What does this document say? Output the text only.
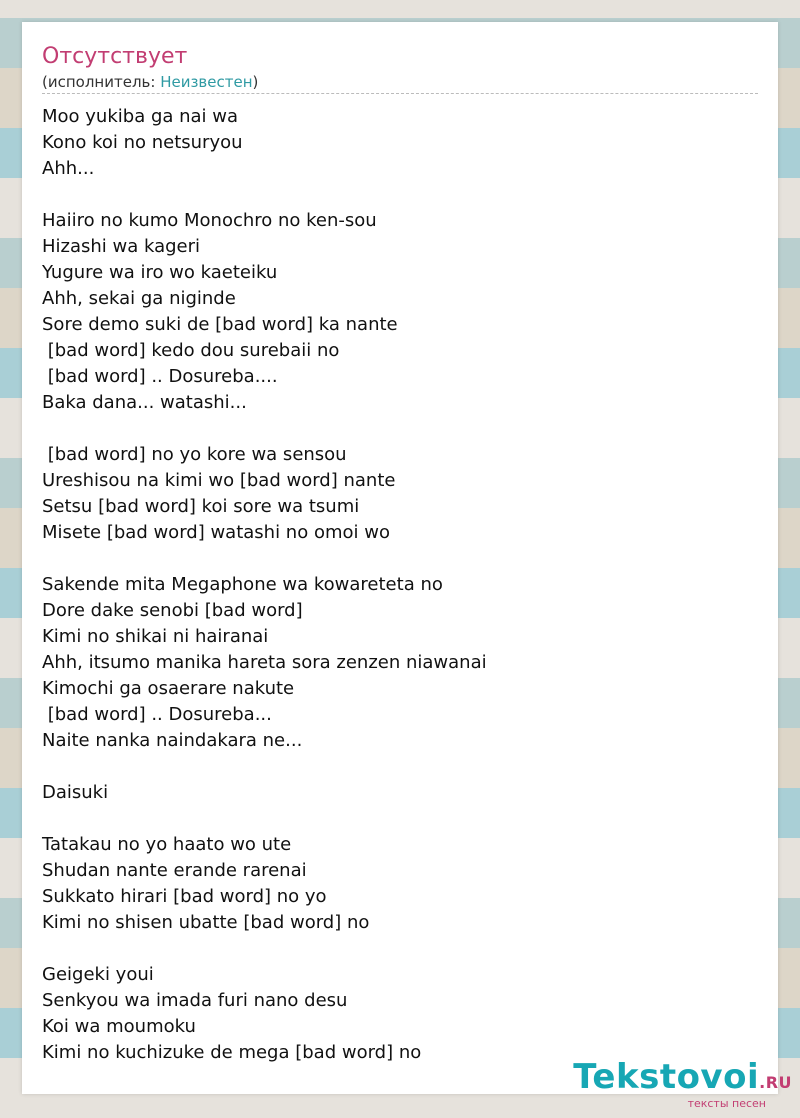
Отсутствует
(исполнитель: Неизвестен)
Moo yukiba ga nai wa
Kono koi no netsuryou
Ahh...
Haiiro no kumo Monochro no ken-sou
Hizashi wa kageri
Yugure wa iro wo kaeteiku
Ahh, sekai ga niginde
Sore demo suki de [bad word] ka nante
[bad word] kedo dou surebaii no
[bad word] .. Dosureba....
Baka dana... watashi...
[bad word] no yo kore wa sensou
Ureshisou na kimi wo [bad word] nante
Setsu [bad word] koi sore wa tsumi
Misete [bad word] watashi no omoi wo
Sakende mita Megaphone wa kowareteta no
Dore dake senobi [bad word]
Kimi no shikai ni hairanai
Ahh, itsumo manika hareta sora zenzen niawanai
Kimochi ga osaerare nakute
[bad word] .. Dosureba...
Naite nanka naindakara ne...
Daisuki
Tatakau no yo haato wo ute
Shudan nante erande rarenai
Sukkato hirari [bad word] no yo
Kimi no shisen ubatte [bad word] no
Geigeki youi
Senkyou wa imada furi nano desu
Koi wa moumoku
Kimi no kuchizuke de mega [bad word] no
Tekstovoi.RU
тексты песен
